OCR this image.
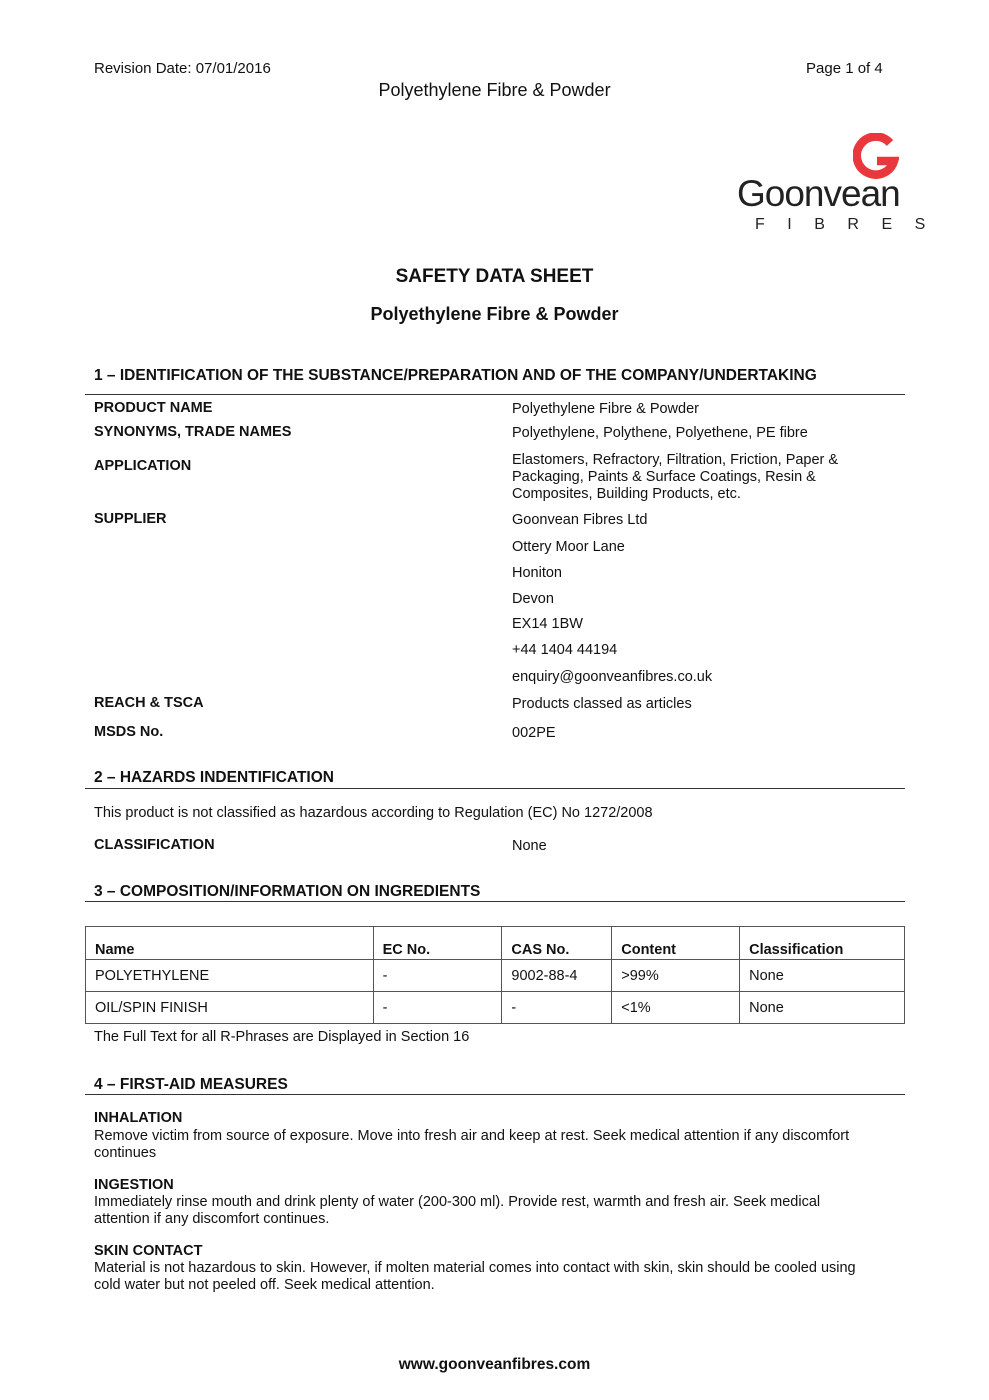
Revision Date: 07/01/2016	Page 1 of 4
Polyethylene Fibre & Powder
Goonvean
FIBRES
SAFETY DATA SHEET
Polyethylene Fibre & Powder
1 – IDENTIFICATION OF THE SUBSTANCE/PREPARATION AND OF THE COMPANY/UNDERTAKING
PRODUCT NAME	Polyethylene Fibre & Powder
SYNONYMS, TRADE NAMES	Polyethylene, Polythene, Polyethene, PE fibre
APPLICATION	Elastomers, Refractory, Filtration, Friction, Paper &
Packaging, Paints & Surface Coatings, Resin &
Composites, Building Products, etc.
SUPPLIER	Goonvean Fibres Ltd
Ottery Moor Lane
Honiton
Devon
EX14 1BW
+44 1404 44194
enquiry@goonveanfibres.co.uk
REACH & TSCA	Products classed as articles
MSDS No.	002PE
2 – HAZARDS INDENTIFICATION
This product is not classified as hazardous according to Regulation (EC) No 1272/2008
CLASSIFICATION	None
3 – COMPOSITION/INFORMATION ON INGREDIENTS
Name	EC No.	CAS No.	Content	Classification
POLYETHYLENE	-	9002-88-4	>99%	None
OIL/SPIN FINISH	-	-	<1%	None
The Full Text for all R-Phrases are Displayed in Section 16
4 – FIRST-AID MEASURES
INHALATION
Remove victim from source of exposure. Move into fresh air and keep at rest. Seek medical attention if any discomfort
continues
INGESTION
Immediately rinse mouth and drink plenty of water (200-300 ml). Provide rest, warmth and fresh air. Seek medical
attention if any discomfort continues.
SKIN CONTACT
Material is not hazardous to skin. However, if molten material comes into contact with skin, skin should be cooled using
cold water but not peeled off. Seek medical attention.
www.goonveanfibres.com
